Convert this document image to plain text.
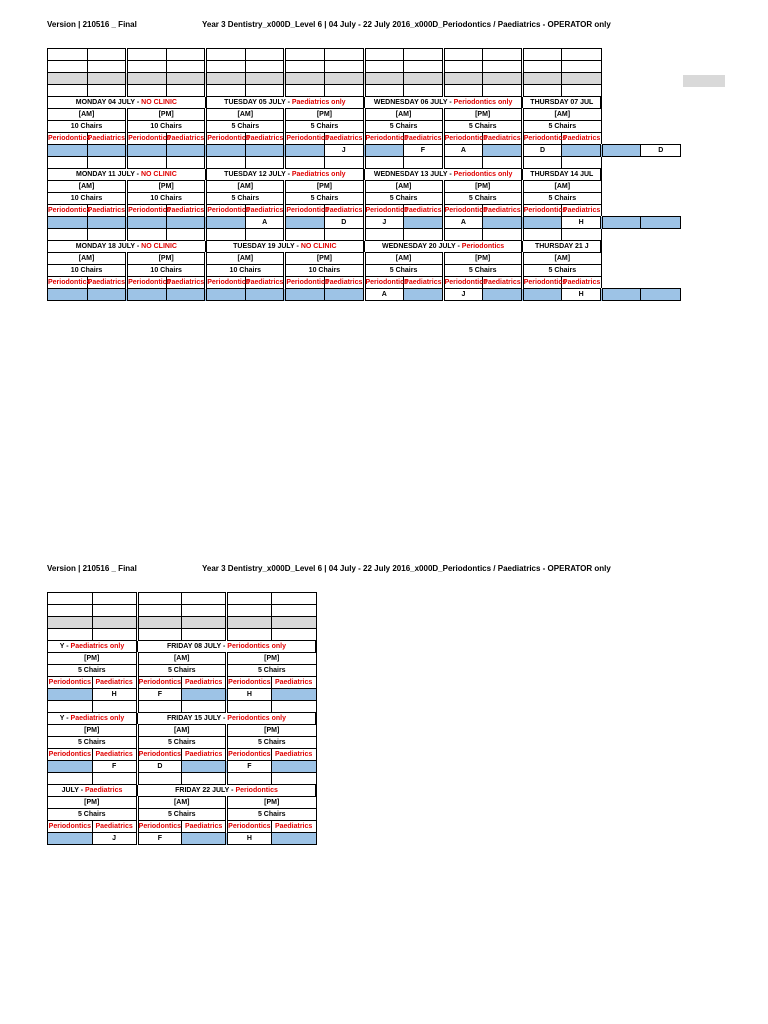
Version | 210516 _ Final	Year 3 Dentistry_x000D_Level 6 | 04 July - 22 July 2016_x000D_Periodontics / Paediatrics - OPERATOR only

MONDAY 04 JULY - NO CLINIC				TUESDAY 05 JULY - Paediatrics only				WEDNESDAY 06 JULY - Periodontics only				THURSDAY 07 JUL			
[AM]		[PM]		[AM]		[PM]		[AM]		[PM]		[AM]			
10 Chairs		10 Chairs		5 Chairs		5 Chairs		5 Chairs		5 Chairs		5 Chairs			
Periodontics	Paediatrics	Periodontics	Paediatrics	Periodontics	Paediatrics	Periodontics	Paediatrics	Periodontics	Paediatrics	Periodontics	Paediatrics	Periodontics	Paediatrics		
							J		F	A		D			D

MONDAY 11 JULY - NO CLINIC				TUESDAY 12 JULY - Paediatrics only				WEDNESDAY 13 JULY - Periodontics only				THURSDAY 14 JUL			
[AM]		[PM]		[AM]		[PM]		[AM]		[PM]		[AM]			
10 Chairs		10 Chairs		5 Chairs		5 Chairs		5 Chairs		5 Chairs		5 Chairs			
Periodontics	Paediatrics	Periodontics	Paediatrics	Periodontics	Paediatrics	Periodontics	Paediatrics	Periodontics	Paediatrics	Periodontics	Paediatrics	Periodontics	Paediatrics		
					A		D	J		A			H		

MONDAY 18 JULY - NO CLINIC				TUESDAY 19 JULY - NO CLINIC				WEDNESDAY 20 JULY - Periodontics				THURSDAY 21 J			
[AM]		[PM]		[AM]		[PM]		[AM]		[PM]		[AM]			
10 Chairs		10 Chairs		10 Chairs		10 Chairs		5 Chairs		5 Chairs		5 Chairs			
Periodontics	Paediatrics	Periodontics	Paediatrics	Periodontics	Paediatrics	Periodontics	Paediatrics	Periodontics	Paediatrics	Periodontics	Paediatrics	Periodontics	Paediatrics		
								A		J			H		
Version | 210516 _ Final	Year 3 Dentistry_x000D_Level 6 | 04 July - 22 July 2016_x000D_Periodontics / Paediatrics - OPERATOR only

Y - Paediatrics only		FRIDAY 08 JULY - Periodontics only			
[PM]		[AM]		[PM]	
5 Chairs		5 Chairs		5 Chairs	
Periodontics	Paediatrics	Periodontics	Paediatrics	Periodontics	Paediatrics
	H	F		H	

Y - Paediatrics only		FRIDAY 15 JULY - Periodontics only			
[PM]		[AM]		[PM]	
5 Chairs		5 Chairs		5 Chairs	
Periodontics	Paediatrics	Periodontics	Paediatrics	Periodontics	Paediatrics
	F	D		F	

JULY - Paediatrics		FRIDAY 22 JULY - Periodontics			
[PM]		[AM]		[PM]	
5 Chairs		5 Chairs		5 Chairs	
Periodontics	Paediatrics	Periodontics	Paediatrics	Periodontics	Paediatrics
	J	F		H	
